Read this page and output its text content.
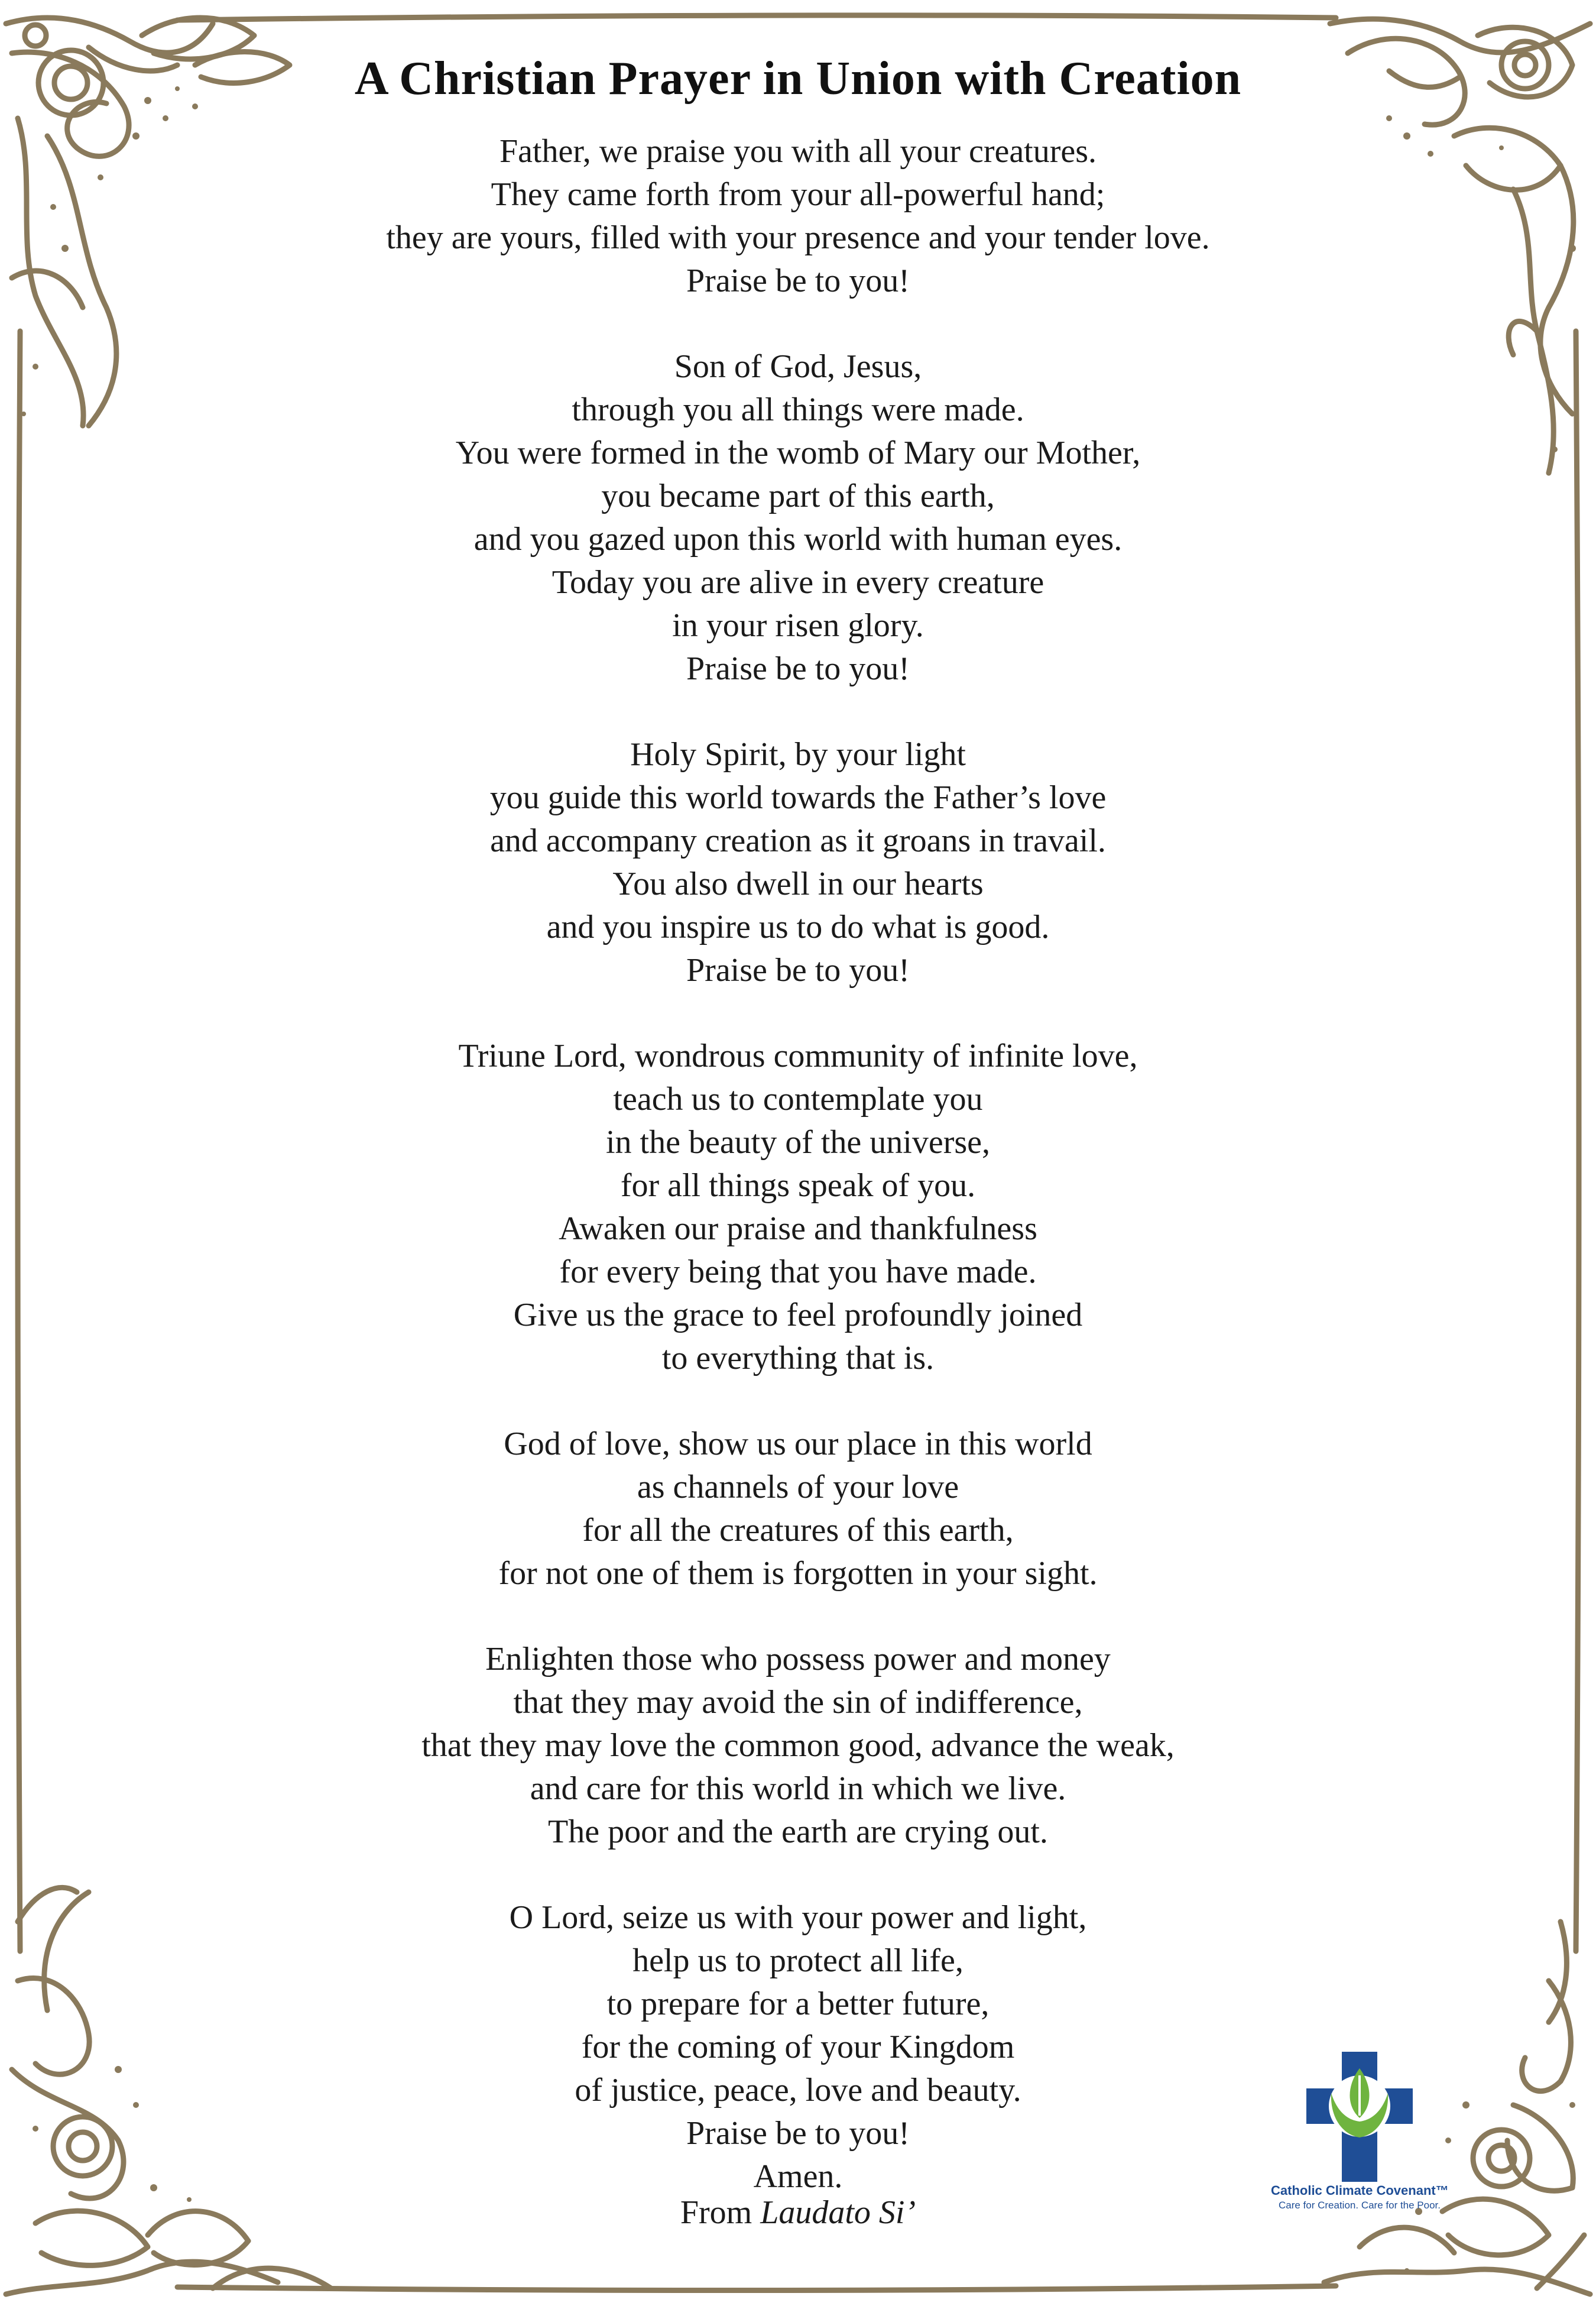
A Christian Prayer in Union with Creation
Father, we praise you with all your creatures.
They came forth from your all-powerful hand;
they are yours, filled with your presence and your tender love.
Praise be to you!
Son of God, Jesus,
through you all things were made.
You were formed in the womb of Mary our Mother,
you became part of this earth,
and you gazed upon this world with human eyes.
Today you are alive in every creature
in your risen glory.
Praise be to you!
Holy Spirit, by your light
you guide this world towards the Father’s love
and accompany creation as it groans in travail.
You also dwell in our hearts
and you inspire us to do what is good.
Praise be to you!
Triune Lord, wondrous community of infinite love,
teach us to contemplate you
in the beauty of the universe,
for all things speak of you.
Awaken our praise and thankfulness
for every being that you have made.
Give us the grace to feel profoundly joined
to everything that is.
God of love, show us our place in this world
as channels of your love
for all the creatures of this earth,
for not one of them is forgotten in your sight.
Enlighten those who possess power and money
that they may avoid the sin of indifference,
that they may love the common good, advance the weak,
and care for this world in which we live.
The poor and the earth are crying out.
O Lord, seize us with your power and light,
help us to protect all life,
to prepare for a better future,
for the coming of your Kingdom
of justice, peace, love and beauty.
Praise be to you!
Amen.
From Laudato Si’
Catholic Climate Covenant™
Care for Creation. Care for the Poor.
